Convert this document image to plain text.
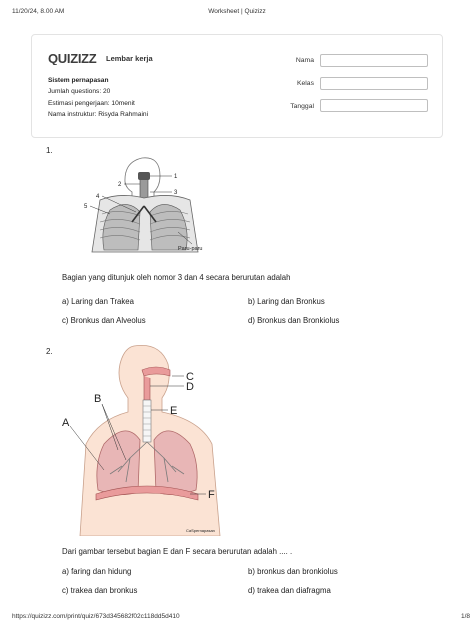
11/20/24, 8.00 AM	Worksheet | Quizizz
QUIZIZZ Lembar kerja
Sistem pernapasan
Jumlah questions: 20
Estimasi pengerjaan: 10menit
Nama instruktur: Risyda Rahmaini
Nama
Kelas
Tanggal
1.
1
2
3
4
5
Paru-paru
Bagian yang ditunjuk oleh nomor 3 dan 4 secara berurutan adalah
a) Laring dan Trakea	b) Laring dan Bronkus
c) Bronkus dan Alveolus	d) Bronkus dan Bronkiolus
2.
C
D
E
B
A
F
CaSpernapasan
Dari gambar tersebut bagian E dan F secara berurutan adalah .... .
a) faring dan hidung	b) bronkus dan bronkiolus
c) trakea dan bronkus	d) trakea dan diafragma
https://quizizz.com/print/quiz/673d345682f02c118dd5d410	1/8
